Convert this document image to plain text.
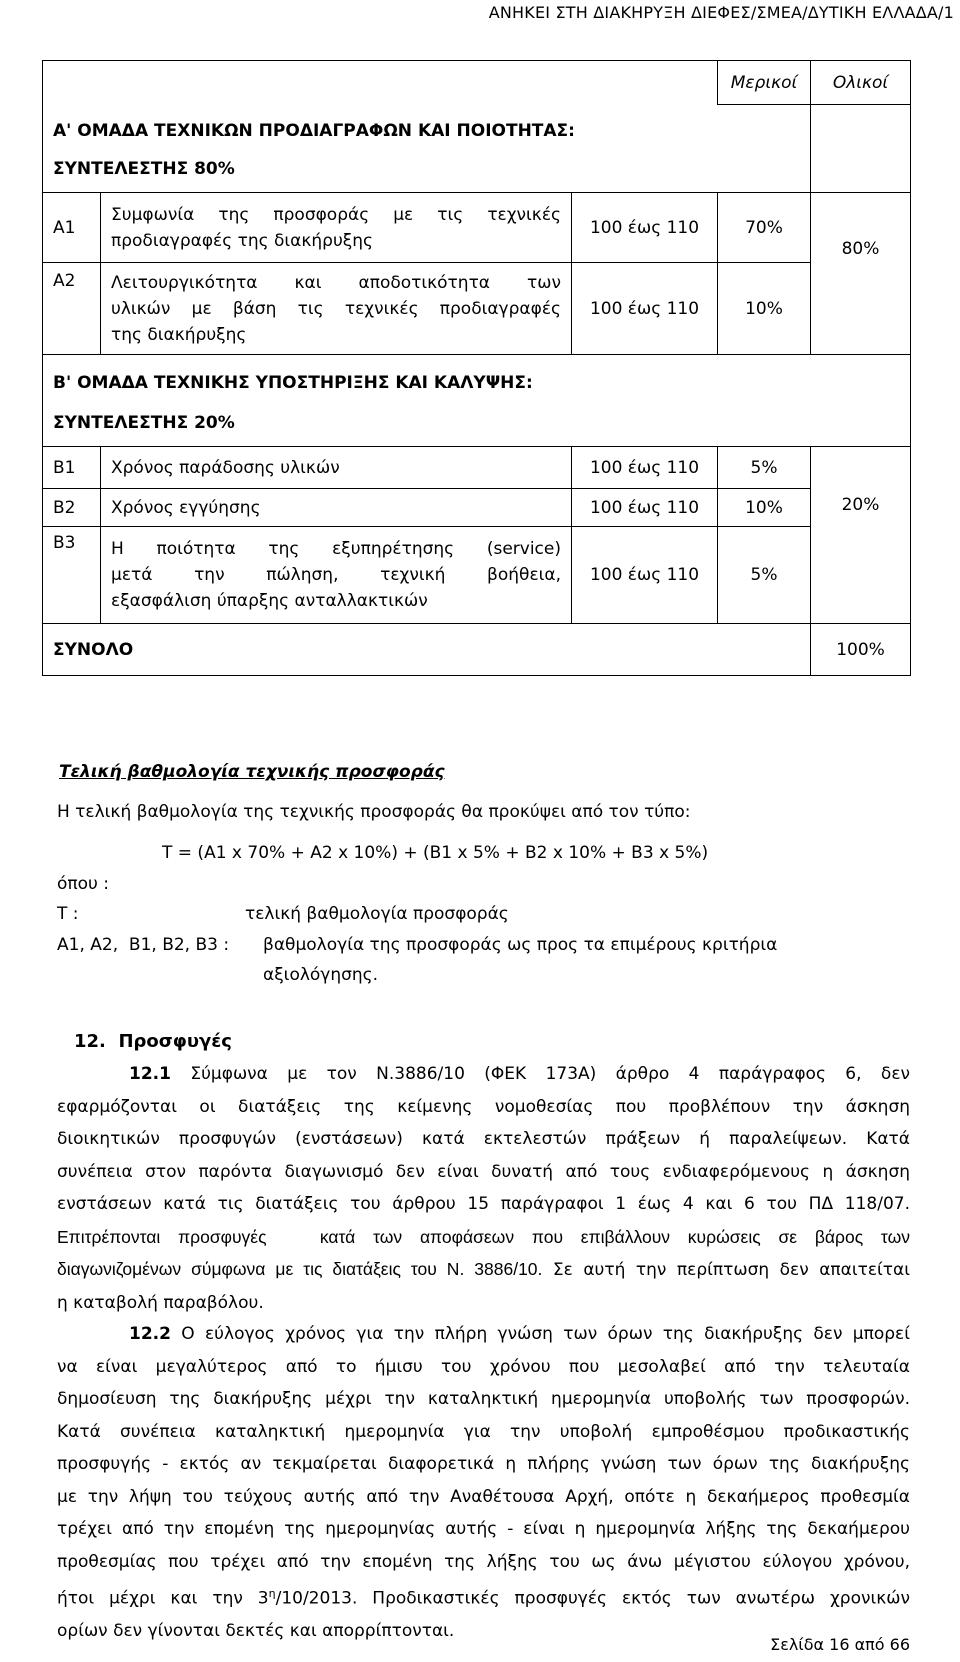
ΑΝΗΚΕΙ ΣΤΗ ΔΙΑΚΗΡΥΞΗ ΔΙΕΦΕΣ/ΣΜΕΑ/ΔΥΤΙΚΗ ΕΛΛΑΔΑ/1
			Μερικοί	Ολικοί
Α' ΟΜΑΔΑ ΤΕΧΝΙΚΩΝ ΠΡΟΔΙΑΓΡΑΦΩΝ ΚΑΙ ΠΟΙΟΤΗΤΑΣ:				
ΣΥΝΤΕΛΕΣΤΗΣ 80%				
Α1	Συμφωνία της προσφοράς με τις τεχνικές
προδιαγραφές της διακήρυξης	100 έως 110	70%	80%
Α2	Λειτουργικότητα και αποδοτικότητα των
υλικών με βάση τις τεχνικές προδιαγραφές
της διακήρυξης	100 έως 110	10%	
Β' ΟΜΑΔΑ ΤΕΧΝΙΚΗΣ ΥΠΟΣΤΗΡΙΞΗΣ ΚΑΙ ΚΑΛΥΨΗΣ:				
ΣΥΝΤΕΛΕΣΤΗΣ 20%				
Β1	Χρόνος παράδοσης υλικών	100 έως 110	5%	20%
Β2	Χρόνος εγγύησης	100 έως 110	10%	
Β3	Η ποιότητα της εξυπηρέτησης (service)
μετά την πώληση, τεχνική βοήθεια,
εξασφάλιση ύπαρξης ανταλλακτικών	100 έως 110	5%	
ΣΥΝΟΛΟ				100%
Τελική βαθμολογία τεχνικής προσφοράς
Η τελική βαθμολογία της τεχνικής προσφοράς θα προκύψει από τον τύπο:
Τ = (Α1 x 70% + Α2 x 10%) + (Β1 x 5% + Β2 x 10% + Β3 x 5%)
όπου :
Τ :	τελική βαθμολογία προσφοράς
Α1, Α2,  Β1, Β2, Β3 : βαθμολογία της προσφοράς ως προς τα επιμέρους κριτήρια
αξιολόγησης.
12. Προσφυγές
12.1 Σύμφωνα με τον Ν.3886/10 (ΦΕΚ 173Α) άρθρο 4 παράγραφος 6, δεν
εφαρμόζονται οι διατάξεις της κείμενης νομοθεσίας που προβλέπουν την άσκηση
διοικητικών προσφυγών (ενστάσεων) κατά εκτελεστών πράξεων ή παραλείψεων. Κατά
συνέπεια στον παρόντα διαγωνισμό δεν είναι δυνατή από τους ενδιαφερόμενους η άσκηση
ενστάσεων κατά τις διατάξεις του άρθρου 15 παράγραφοι 1 έως 4 και 6 του ΠΔ 118/07.
Επιτρέπονται προσφυγές   κατά των αποφάσεων που επιβάλλουν κυρώσεις σε βάρος των
διαγωνιζομένων σύμφωνα με τις διατάξεις του Ν. 3886/10. Σε αυτή την περίπτωση δεν απαιτείται
η καταβολή παραβόλου.
12.2 Ο εύλογος χρόνος για την πλήρη γνώση των όρων της διακήρυξης δεν μπορεί
να είναι μεγαλύτερος από το ήμισυ του χρόνου που μεσολαβεί από την τελευταία
δημοσίευση της διακήρυξης μέχρι την καταληκτική ημερομηνία υποβολής των προσφορών.
Κατά συνέπεια καταληκτική ημερομηνία για την υποβολή εμπροθέσμου προδικαστικής
προσφυγής - εκτός αν τεκμαίρεται διαφορετικά η πλήρης γνώση των όρων της διακήρυξης
με την λήψη του τεύχους αυτής από την Αναθέτουσα Αρχή, οπότε η δεκαήμερος προθεσμία
τρέχει από την επομένη της ημερομηνίας αυτής - είναι η ημερομηνία λήξης της δεκαήμερου
προθεσμίας που τρέχει από την επομένη της λήξης του ως άνω μέγιστου εύλογου χρόνου,
ήτοι μέχρι και την $3^\eta/10/2013$. Προδικαστικές προσφυγές εκτός των ανωτέρω χρονικών
ορίων δεν γίνονται δεκτές και απορρίπτονται.
Σελίδα 16 από 66
